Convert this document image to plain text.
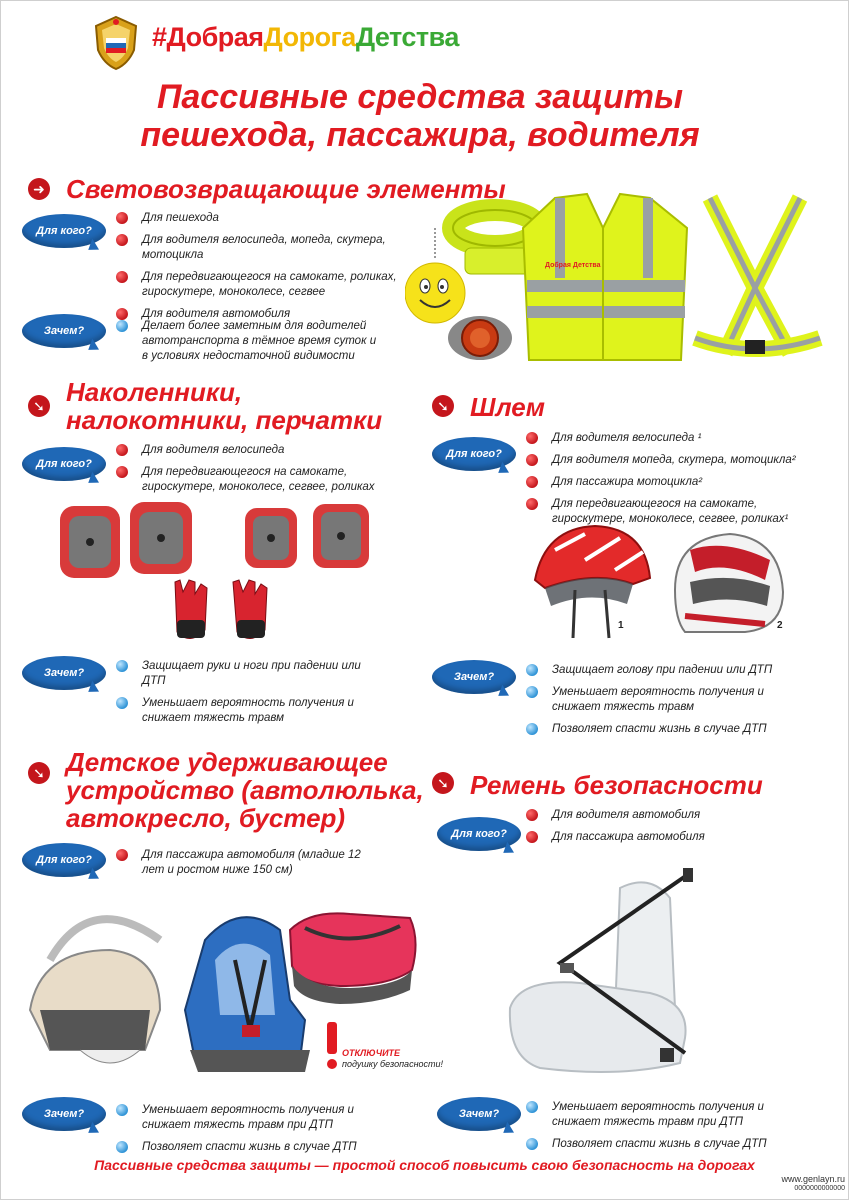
#ДобраяДорогаДетства
Пассивные средства защиты
пешехода, пассажира, водителя
➜ Световозвращающие элементы
Для кого?
Для пешехода
Для водителя велосипеда, мопеда, скутера, мотоцикла
Для передвигающегося на самокате, роликах, гироскутере, моноколесе, сегвее
Для водителя автомобиля
Зачем?	Делает более заметным для водителей автотранспорта в тёмное время суток и в условиях недостаточной видимости
Добрая Детства
➘ Наколенники,
налокотники, перчатки
Для кого?
Для водителя велосипеда
Для передвигающегося на самокате, гироскутере, моноколесе, сегвее, роликах
Зачем?
Защищает руки и ноги при падении или ДТП
Уменьшает вероятность получения и снижает тяжесть травм
➘ Шлем
Для кого?
Для водителя велосипеда ¹
Для водителя мопеда, скутера, мотоцикла²
Для пассажира мотоцикла²
Для передвигающегося на самокате, гироскутере, моноколесе, сегвее, роликах¹
1	2
Зачем?
Защищает голову при падении или ДТП
Уменьшает вероятность получения и снижает тяжесть травм
Позволяет спасти жизнь в случае ДТП
➘ Детское удерживающее
устройство (автолюлька,
автокресло, бустер)
Для кого?	Для пассажира автомобиля (младше 12 лет и ростом ниже 150 см)
ОТКЛЮЧИТЕ
подушку безопасности!
Зачем?	Уменьшает вероятность получения и снижает тяжесть травм при ДТП
Позволяет спасти жизнь в случае ДТП
➘ Ремень безопасности
Для кого?
Для водителя автомобиля
Для пассажира автомобиля
Зачем?
Уменьшает вероятность получения и снижает тяжесть травм при ДТП
Позволяет спасти жизнь в случае ДТП
Пассивные средства защиты — простой способ повысить свою безопасность на дорогах
www.genlayn.ru
0000000000000
